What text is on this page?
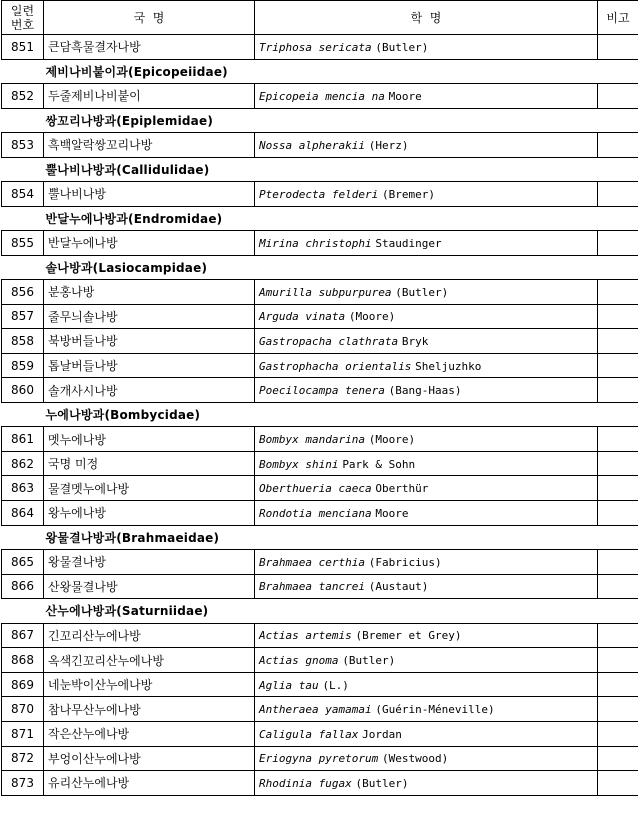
일련
번호	국  명	학  명	비고
851	큰담흑물결자나방	Triphosa sericata (Butler)	
제비나비붙이과(Epicopeiidae)			
852	두줄제비나비붙이	Epicopeia mencia na Moore	
쌍꼬리나방과(Epiplemidae)			
853	흑백알락쌍꼬리나방	Nossa alpherakii (Herz)	
뿔나비나방과(Callidulidae)			
854	뿔나비나방	Pterodecta felderi (Bremer)	
반달누에나방과(Endromidae)			
855	반달누에나방	Mirina christophi Staudinger	
솔나방과(Lasiocampidae)			
856	분홍나방	Amurilla subpurpurea (Butler)	
857	줄무늬솔나방	Arguda vinata (Moore)	
858	북방버들나방	Gastropacha clathrata Bryk	
859	톱날버들나방	Gastrophacha orientalis Sheljuzhko	
860	솔개사시나방	Poecilocampa tenera (Bang-Haas)	
누에나방과(Bombycidae)			
861	멧누에나방	Bombyx mandarina (Moore)	
862	국명 미정	Bombyx shini Park & Sohn	
863	물결멧누에나방	Oberthueria caeca Oberthür	
864	왕누에나방	Rondotia menciana Moore	
왕물결나방과(Brahmaeidae)			
865	왕물결나방	Brahmaea certhia (Fabricius)	
866	산왕물결나방	Brahmaea tancrei (Austaut)	
산누에나방과(Saturniidae)			
867	긴꼬리산누에나방	Actias artemis (Bremer et Grey)	
868	옥색긴꼬리산누에나방	Actias gnoma (Butler)	
869	네눈박이산누에나방	Aglia tau (L.)	
870	참나무산누에나방	Antheraea yamamai (Guérin-Méneville)	
871	작은산누에나방	Caligula fallax Jordan	
872	부엉이산누에나방	Eriogyna pyretorum (Westwood)	
873	유리산누에나방	Rhodinia fugax (Butler)	
